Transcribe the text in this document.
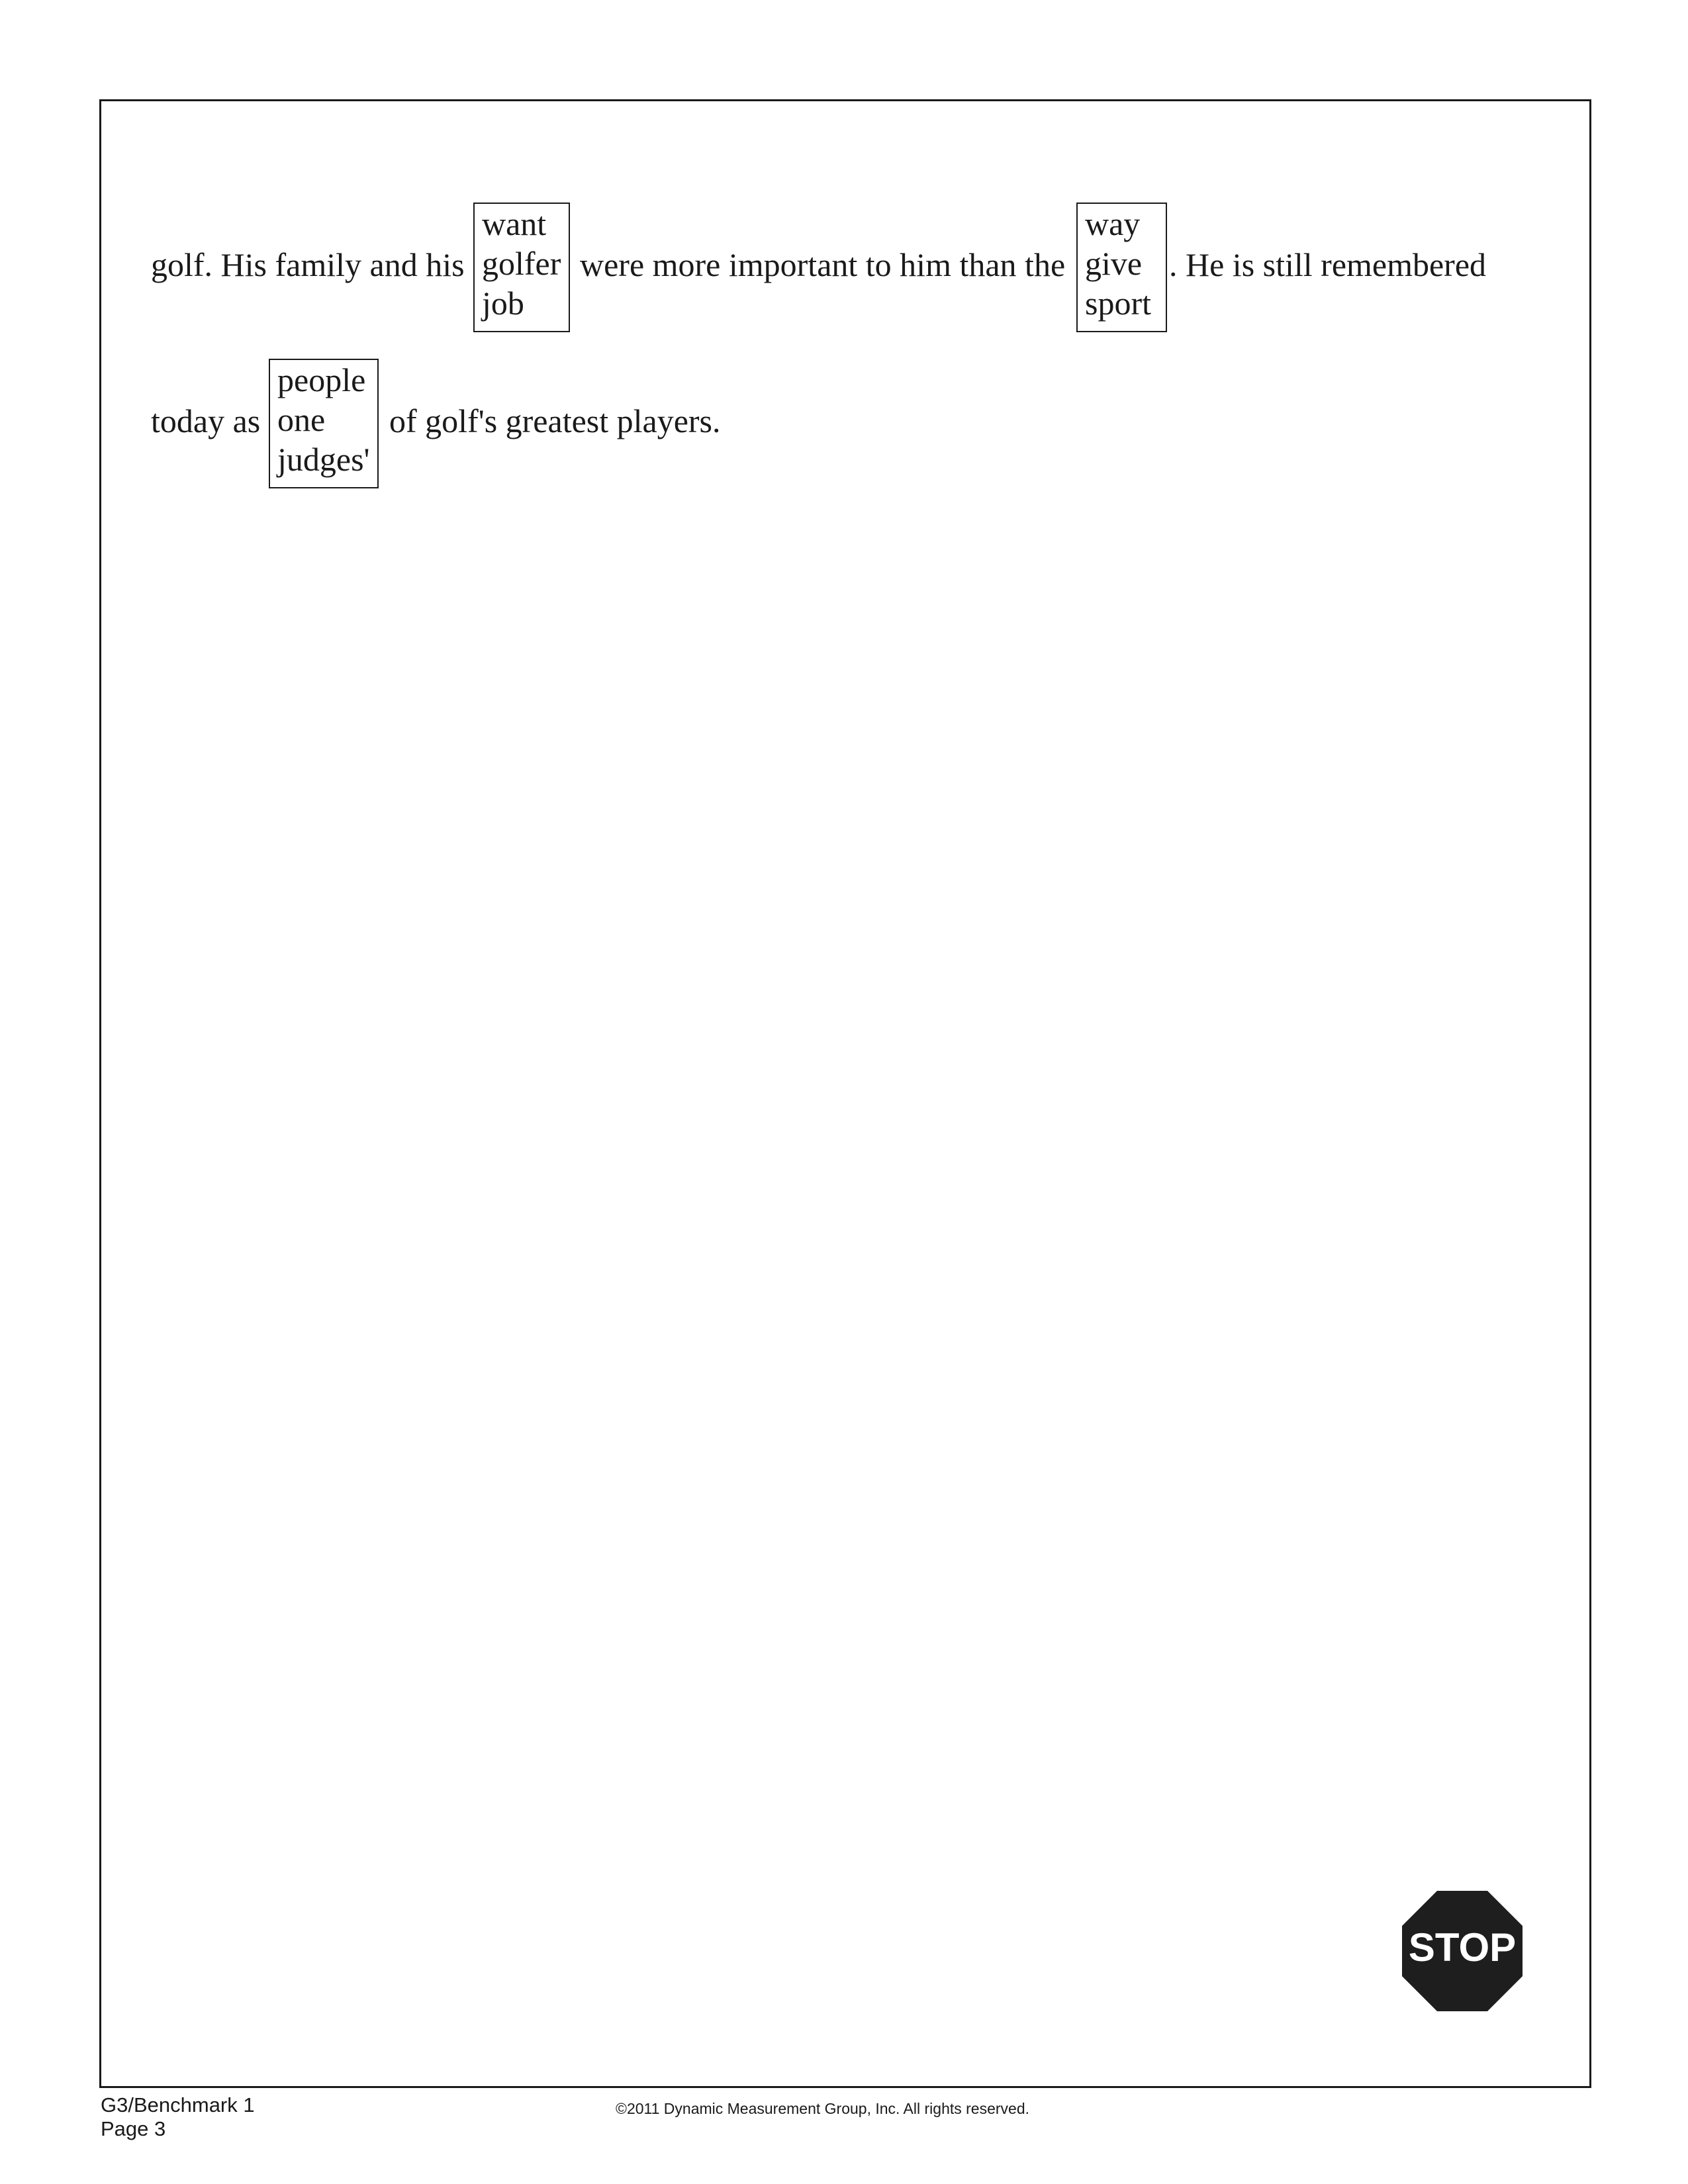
golf. His family and his	were more important to him than the	. He is still remembered
want
golfer
job
way
give
sport
today as	of golf's greatest players.
people
one
judges'
STOP
G3/Benchmark 1
Page 3
©2011 Dynamic Measurement Group, Inc. All rights reserved.
